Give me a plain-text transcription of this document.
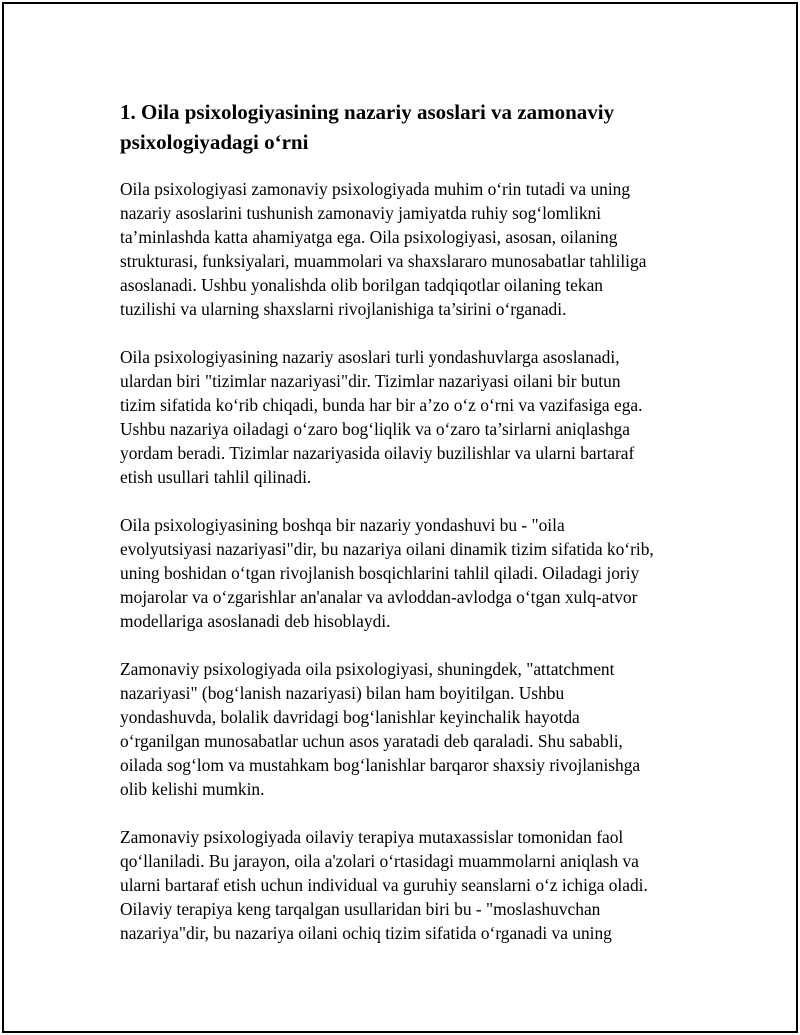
1. Oila psixologiyasining nazariy asoslari va zamonaviy
psixologiyadagi o‘rni
Oila psixologiyasi zamonaviy psixologiyada muhim o‘rin tutadi va uning
nazariy asoslarini tushunish zamonaviy jamiyatda ruhiy sog‘lomlikni
ta’minlashda katta ahamiyatga ega. Oila psixologiyasi, asosan, oilaning
strukturasi, funksiyalari, muammolari va shaxslararo munosabatlar tahliliga
asoslanadi. Ushbu yonalishda olib borilgan tadqiqotlar oilaning tekan
tuzilishi va ularning shaxslarni rivojlanishiga ta’sirini o‘rganadi.
Oila psixologiyasining nazariy asoslari turli yondashuvlarga asoslanadi,
ulardan biri "tizimlar nazariyasi"dir. Tizimlar nazariyasi oilani bir butun
tizim sifatida ko‘rib chiqadi, bunda har bir a’zo o‘z o‘rni va vazifasiga ega.
Ushbu nazariya oiladagi o‘zaro bog‘liqlik va o‘zaro ta’sirlarni aniqlashga
yordam beradi. Tizimlar nazariyasida oilaviy buzilishlar va ularni bartaraf
etish usullari tahlil qilinadi.
Oila psixologiyasining boshqa bir nazariy yondashuvi bu - "oila
evolyutsiyasi nazariyasi"dir, bu nazariya oilani dinamik tizim sifatida ko‘rib,
uning boshidan o‘tgan rivojlanish bosqichlarini tahlil qiladi. Oiladagi joriy
mojarolar va o‘zgarishlar an'analar va avloddan-avlodga o‘tgan xulq-atvor
modellariga asoslanadi deb hisoblaydi.
Zamonaviy psixologiyada oila psixologiyasi, shuningdek, "attatchment
nazariyasi" (bog‘lanish nazariyasi) bilan ham boyitilgan. Ushbu
yondashuvda, bolalik davridagi bog‘lanishlar keyinchalik hayotda
o‘rganilgan munosabatlar uchun asos yaratadi deb qaraladi. Shu sababli,
oilada sog‘lom va mustahkam bog‘lanishlar barqaror shaxsiy rivojlanishga
olib kelishi mumkin.
Zamonaviy psixologiyada oilaviy terapiya mutaxassislar tomonidan faol
qo‘llaniladi. Bu jarayon, oila a'zolari o‘rtasidagi muammolarni aniqlash va
ularni bartaraf etish uchun individual va guruhiy seanslarni o‘z ichiga oladi.
Oilaviy terapiya keng tarqalgan usullaridan biri bu - "moslashuvchan
nazariya"dir, bu nazariya oilani ochiq tizim sifatida o‘rganadi va uning
